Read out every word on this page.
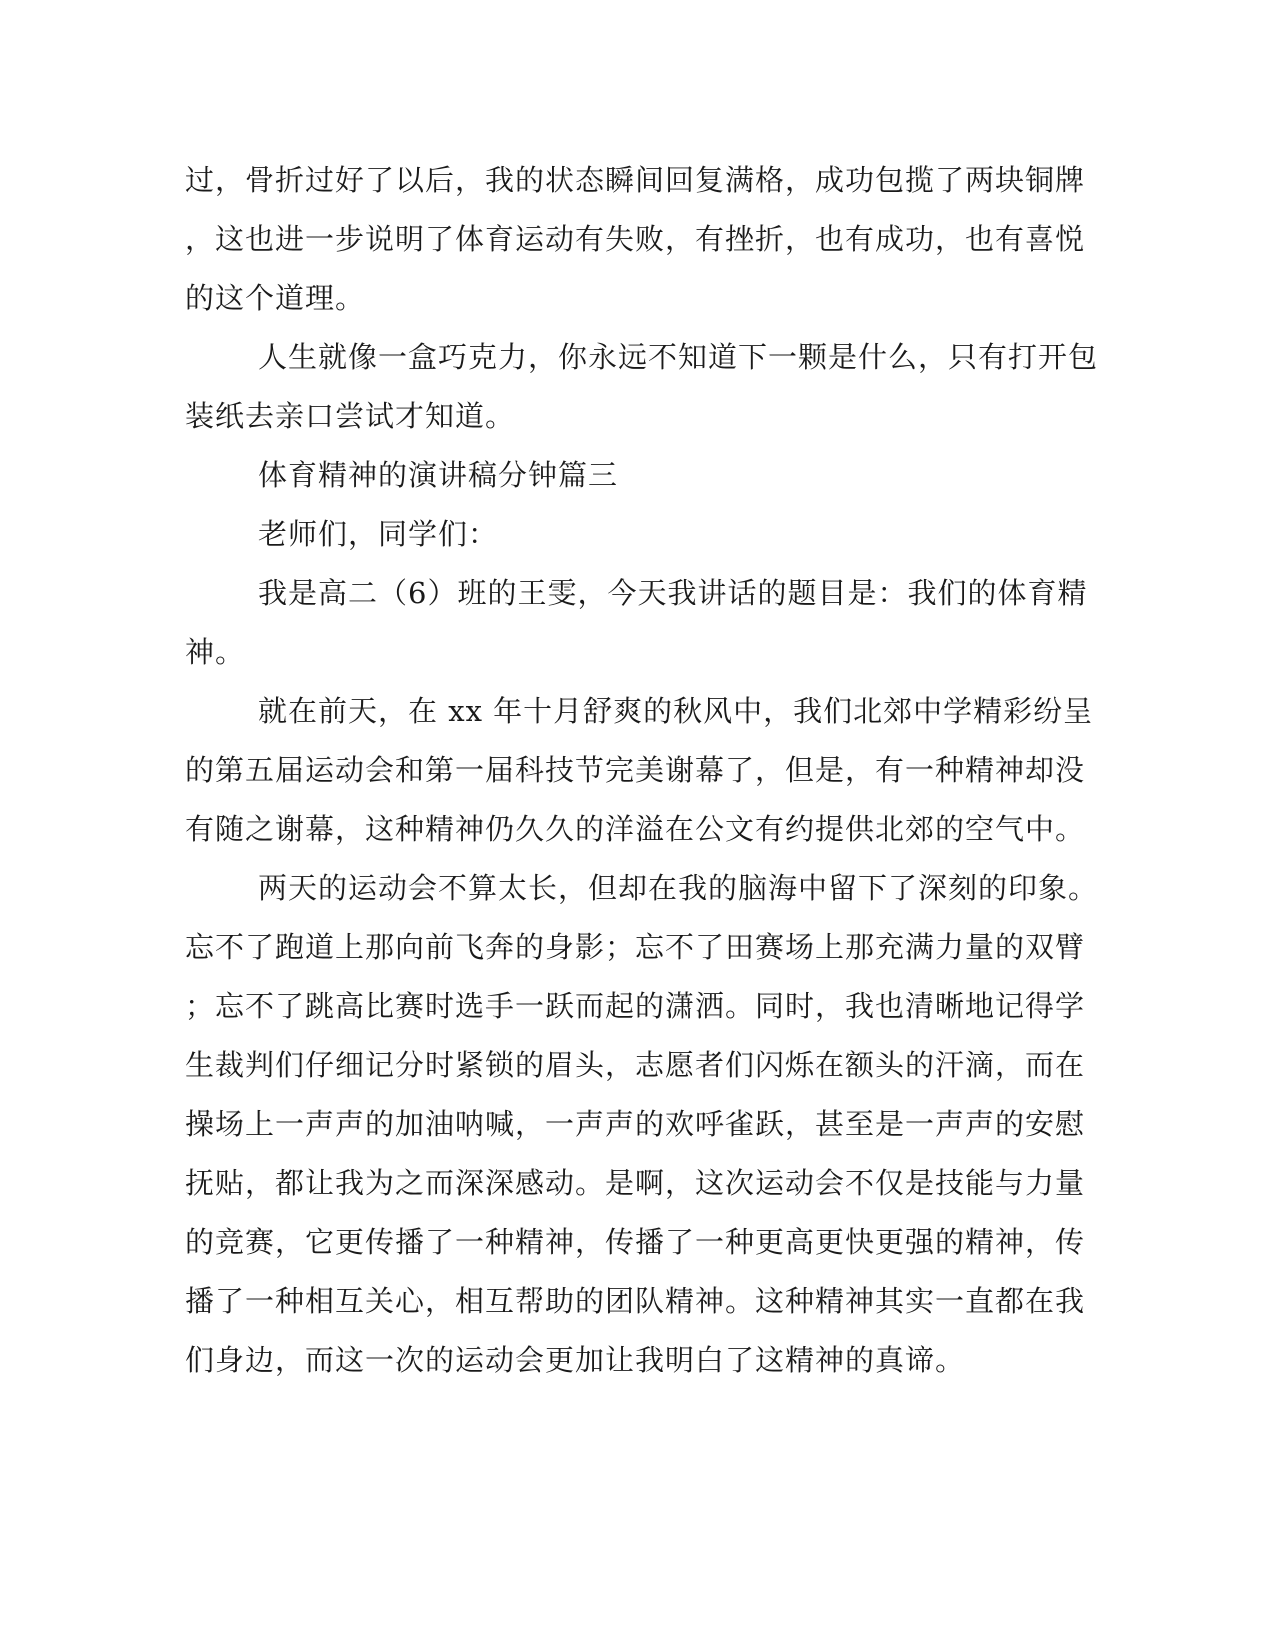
过，骨折过好了以后，我的状态瞬间回复满格，成功包揽了两块铜牌
，这也进一步说明了体育运动有失败，有挫折，也有成功，也有喜悦
的这个道理。
人生就像一盒巧克力，你永远不知道下一颗是什么，只有打开包
装纸去亲口尝试才知道。
体育精神的演讲稿分钟篇三
老师们，同学们：
我是高二（6）班的王雯，今天我讲话的题目是：我们的体育精
神。
就在前天，在 xx 年十月舒爽的秋风中，我们北郊中学精彩纷呈
的第五届运动会和第一届科技节完美谢幕了，但是，有一种精神却没
有随之谢幕，这种精神仍久久的洋溢在公文有约提供北郊的空气中。
两天的运动会不算太长，但却在我的脑海中留下了深刻的印象。
忘不了跑道上那向前飞奔的身影；忘不了田赛场上那充满力量的双臂
；忘不了跳高比赛时选手一跃而起的潇洒。同时，我也清晰地记得学
生裁判们仔细记分时紧锁的眉头，志愿者们闪烁在额头的汗滴，而在
操场上一声声的加油呐喊，一声声的欢呼雀跃，甚至是一声声的安慰
抚贴，都让我为之而深深感动。是啊，这次运动会不仅是技能与力量
的竞赛，它更传播了一种精神，传播了一种更高更快更强的精神，传
播了一种相互关心，相互帮助的团队精神。这种精神其实一直都在我
们身边，而这一次的运动会更加让我明白了这精神的真谛。
